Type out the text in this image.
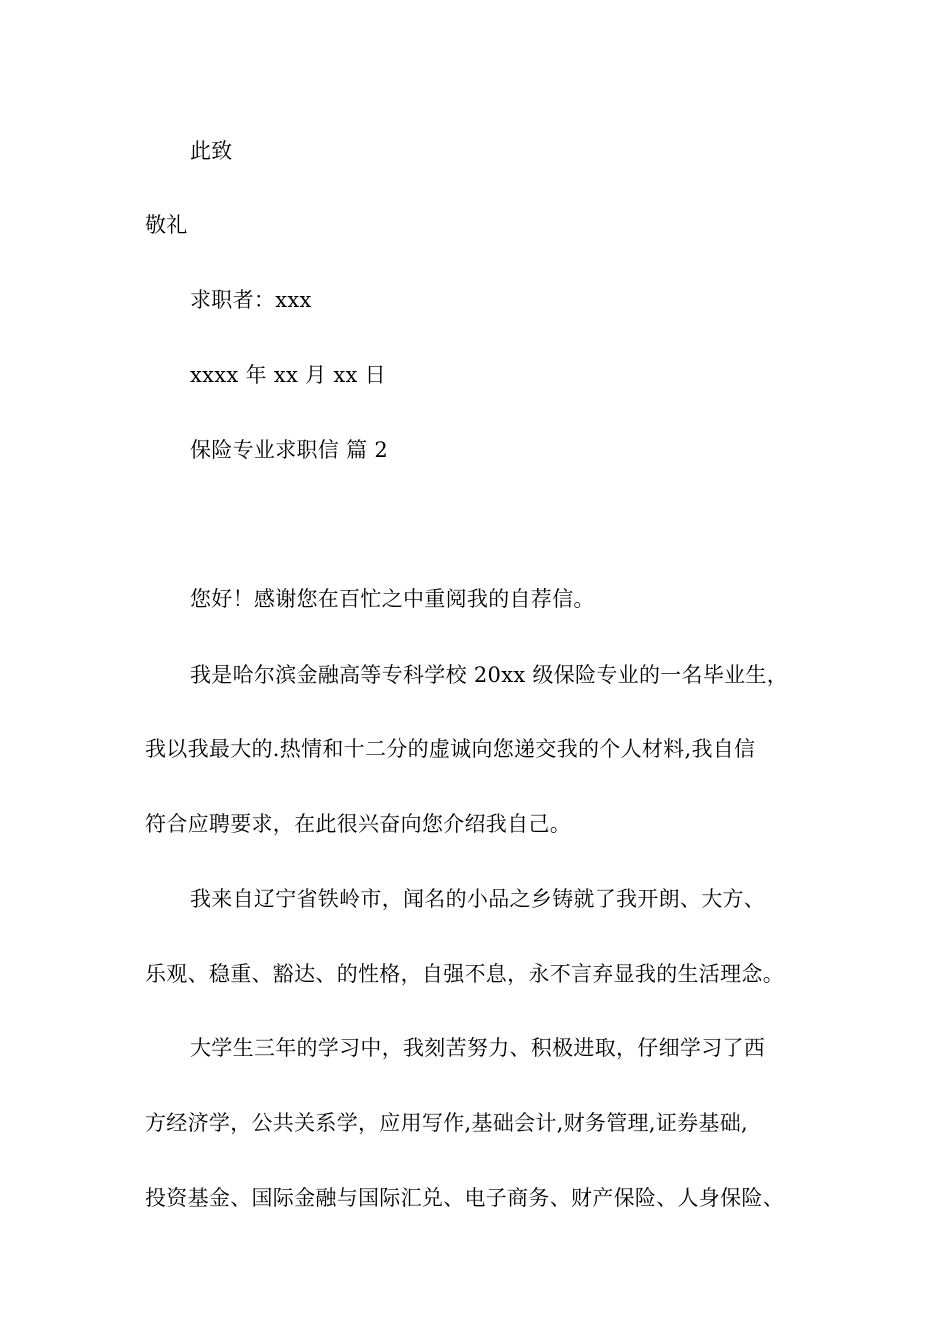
此致
敬礼
求职者：xxx
xxxx 年 xx 月 xx 日
保险专业求职信 篇 2
您好！感谢您在百忙之中重阅我的自荐信。
我是哈尔滨金融高等专科学校 20xx 级保险专业的一名毕业生，
我以我最大的.热情和十二分的虚诚向您递交我的个人材料,我自信
符合应聘要求，在此很兴奋向您介绍我自己。
我来自辽宁省铁岭市，闻名的小品之乡铸就了我开朗、大方、
乐观、稳重、豁达、的性格，自强不息，永不言弃显我的生活理念。
大学生三年的学习中，我刻苦努力、积极进取，仔细学习了西
方经济学，公共关系学，应用写作,基础会计,财务管理,证券基础,
投资基金、国际金融与国际汇兑、电子商务、财产保险、人身保险、
